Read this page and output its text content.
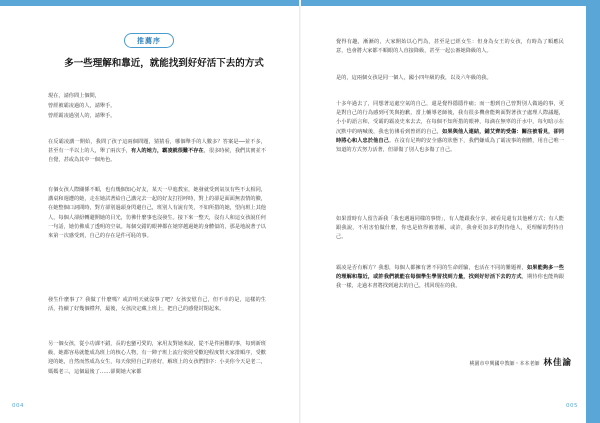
推薦序
多一些理解和靠近，就能找到好好活下去的方式
現在，請你問上個問，
曾經被霸凌過的人，請舉手。
曾經霸凌過別人的，請舉手。
在反霸凌講一開始，我問了孩子這兩個問題，猜猜看，哪個舉手的人數多？答案是──並不多，甚至有一半以上的人，舉了兩次手，有人的她力，霸凌就很難不存在，很多時候，我們其實並不自覺，甚或為其中一個角色。
有個女孩人際關係不順，也有幾個知心好友，某天一早進教室，她發就受到氣氛有些不太相同，講桌和週遭的她，走在她試著給自己講完去一起的好友打招呼時，對上的卻是面面無表情的臉，在她整個口詞間時，對方卻別過頭身閃避自己，班別人有說有笑，不如所措的她，望向班上其他人，每個人卻紛轉避開她的目光，彷彿什麼事也沒發生。接下來一整天，沒有人和這女孩說任何一句話，她仿佛成了透明的空氣。每個交錯的眼神都在她穿越過她的身體似的，那是地說著子以來第一次感受到，自己的存在是件可恥的事。
發生什麼事了？我做了什麼嗎？或許明天就沒事了吧？女孩安慰自己，但不幸的是，這樣的生活，持續了好幾個禮拜，最後，女孩決定藏上班上，把自己的感覺封閉起來。
另一個女孩，從小功課不錯，長的也蠻可愛的，家用友對她來說，從不是件困難的事，每到新班級，她都容易就能成為班上的核心人物，有一陣子班上流行依照受歡迎程度幫大家排順序，受歡迎的她，自然而然成為女生，每天依照自己的喜好，解班上的女孩們排序：小美你今天是老二，媽媽老三，這個最後了……卻間她大家都
004
覺得有趣，漸漸的，大家開始以心門為，甚至是已經女生：但身為女王的女孩，有時為了順應民意，也會將大家都不順眼的人直接降級，甚至一起公審她降級的人。
是的，這兩個女孩是同一個人，國小四年級的我，以及六年級的我。
十多年過去了，同想著這處空氣的自己，還是覺得隱隱作痛；而一想到自己曾對別人做過的事，更是對自己的行為感到可笑與抱歉，當上輔導老師後，我有很多機會能夠面對著孩子處理人際議題，小小的語言和，受霸的霸凌史來去去，在每個不知所措的眼神，每滴在無辜的汗水中，每句暗示在沉默中的吶喊後，我也彷彿看到曾經的自己，如果與他人連結，鋪艾齊的受傷：關注被看見，卻同時將心和人忠於他自己。在沒有足夠的安全感的狀態下，我們嫌成為了霸凌事的劊體，用自己唯一知道的方式努力活著，但卻傷了別人也多傷了自己。
如果當時有人留告訴我「我也遇過同樣的事情」，有人能跟我分享，被看見還有其他種方式；有人能跟我說，不用害怕做什麼，你也是值得被善解，或許，我會更加多的對待他人，更理解的對待自己。
霸凌是否有解方？我想，每個人都擁有著不同的生命經驗，也活在不同的難題裡，如果能夠多一些的理解和靠近，或許我們就能在每個學生學習找到力量，找到好好活下去的方式，期待你也能夠跟我一樣，走過本書將找到過去的自己，找回現在的我。
005
桃園市中興國中教師・本本老師 林佳諭
